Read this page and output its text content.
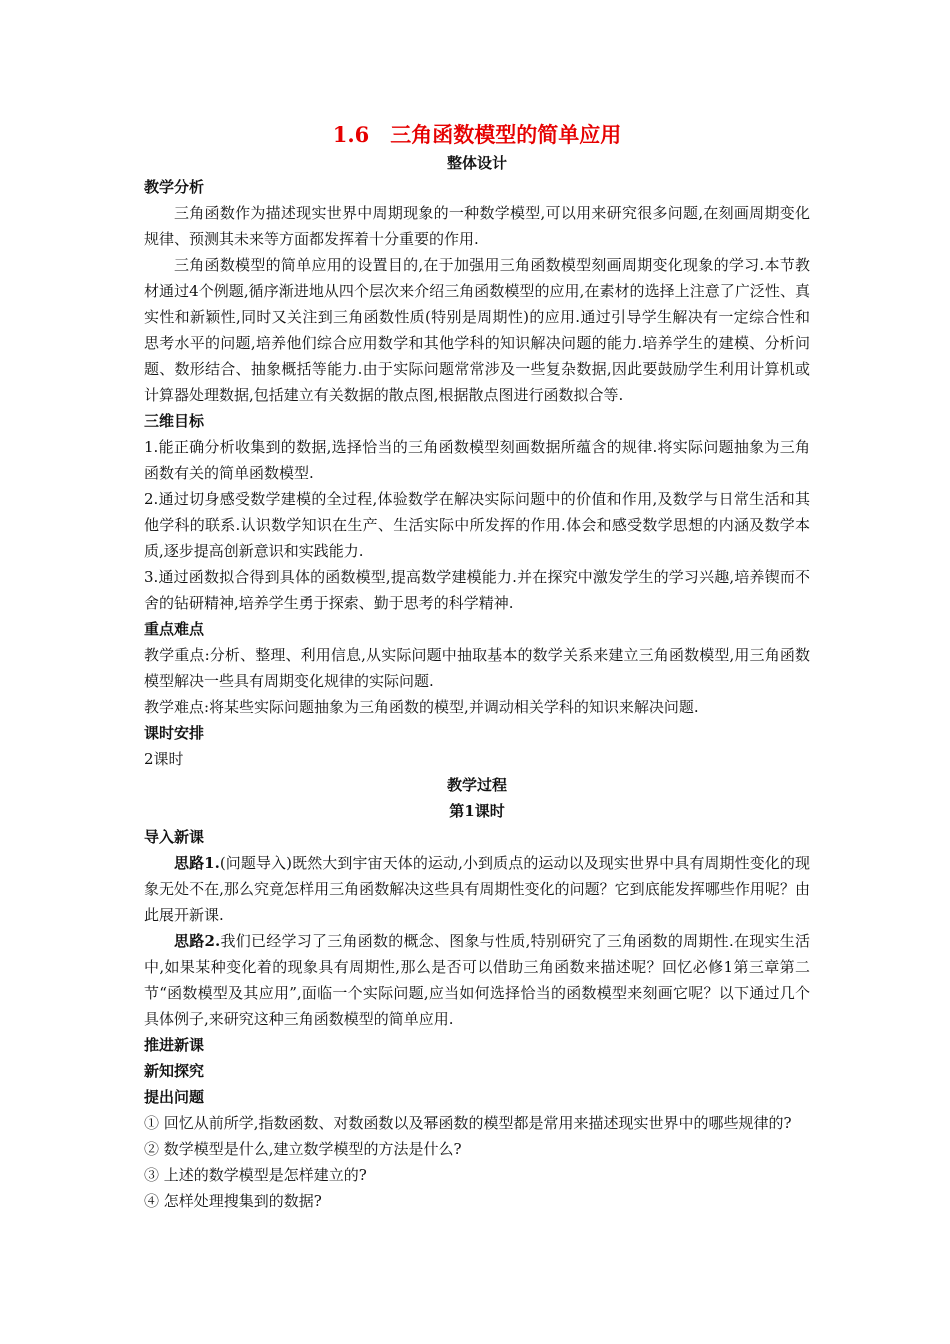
1.6　三角函数模型的简单应用
整体设计
教学分析

三角函数作为描述现实世界中周期现象的一种数学模型,可以用来研究很多问题,在刻画周期变化规律、预测其未来等方面都发挥着十分重要的作用.

三角函数模型的简单应用的设置目的,在于加强用三角函数模型刻画周期变化现象的学习.本节教材通过4个例题,循序渐进地从四个层次来介绍三角函数模型的应用,在素材的选择上注意了广泛性、真实性和新颖性,同时又关注到三角函数性质(特别是周期性)的应用.通过引导学生解决有一定综合性和思考水平的问题,培养他们综合应用数学和其他学科的知识解决问题的能力.培养学生的建模、分析问题、数形结合、抽象概括等能力.由于实际问题常常涉及一些复杂数据,因此要鼓励学生利用计算机或计算器处理数据,包括建立有关数据的散点图,根据散点图进行函数拟合等.

三维目标

1.能正确分析收集到的数据,选择恰当的三角函数模型刻画数据所蕴含的规律.将实际问题抽象为三角函数有关的简单函数模型.

2.通过切身感受数学建模的全过程,体验数学在解决实际问题中的价值和作用,及数学与日常生活和其他学科的联系.认识数学知识在生产、生活实际中所发挥的作用.体会和感受数学思想的内涵及数学本质,逐步提高创新意识和实践能力.

3.通过函数拟合得到具体的函数模型,提高数学建模能力.并在探究中激发学生的学习兴趣,培养锲而不舍的钻研精神,培养学生勇于探索、勤于思考的科学精神.

重点难点

教学重点:分析、整理、利用信息,从实际问题中抽取基本的数学关系来建立三角函数模型,用三角函数模型解决一些具有周期变化规律的实际问题.

教学难点:将某些实际问题抽象为三角函数的模型,并调动相关学科的知识来解决问题.

课时安排

2课时

教学过程
第1课时
导入新课

思路1.(问题导入)既然大到宇宙天体的运动,小到质点的运动以及现实世界中具有周期性变化的现象无处不在,那么究竟怎样用三角函数解决这些具有周期性变化的问题？它到底能发挥哪些作用呢？由此展开新课.

思路2.我们已经学习了三角函数的概念、图象与性质,特别研究了三角函数的周期性.在现实生活中,如果某种变化着的现象具有周期性,那么是否可以借助三角函数来描述呢？回忆必修1第三章第二节“函数模型及其应用”,面临一个实际问题,应当如何选择恰当的函数模型来刻画它呢？以下通过几个具体例子,来研究这种三角函数模型的简单应用.

推进新课
新知探究
提出问题

① 回忆从前所学,指数函数、对数函数以及幂函数的模型都是常用来描述现实世界中的哪些规律的?

② 数学模型是什么,建立数学模型的方法是什么?

③ 上述的数学模型是怎样建立的?

④ 怎样处理搜集到的数据?
